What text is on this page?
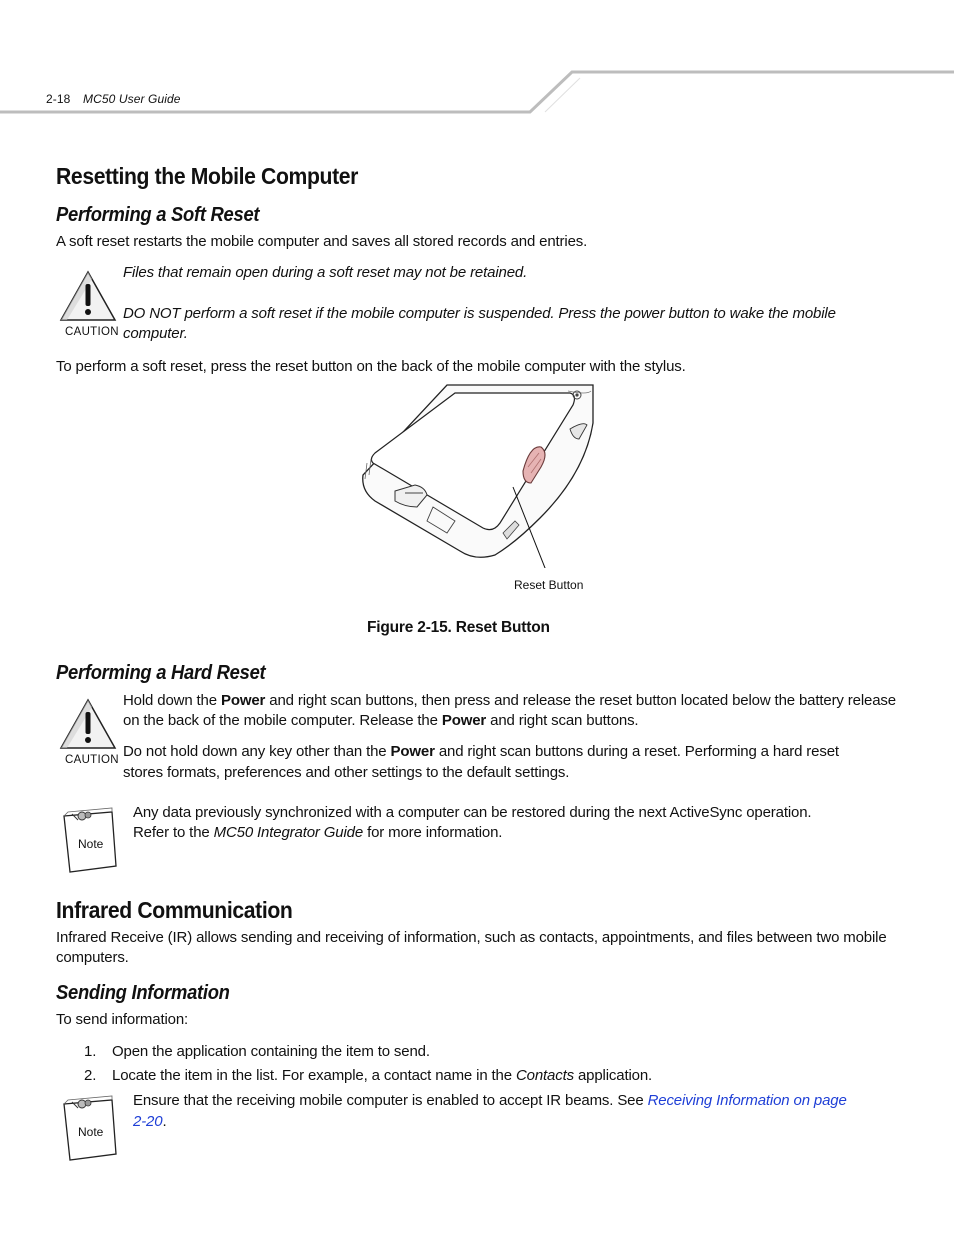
2-18 MC50 User Guide
Resetting the Mobile Computer
Performing a Soft Reset
A soft reset restarts the mobile computer and saves all stored records and entries.
CAUTION
Files that remain open during a soft reset may not be retained.
DO NOT perform a soft reset if the mobile computer is suspended. Press the power button to wake the mobile
computer.
To perform a soft reset, press the reset button on the back of the mobile computer with the stylus.
Reset Button
Figure 2-15. Reset Button
Performing a Hard Reset
CAUTION
Hold down the Power and right scan buttons, then press and release the reset button located below the battery release
on the back of the mobile computer. Release the Power and right scan buttons.
Do not hold down any key other than the Power and right scan buttons during a reset. Performing a hard reset
stores formats, preferences and other settings to the default settings.
Note
Any data previously synchronized with a computer can be restored during the next ActiveSync operation.
Refer to the MC50 Integrator Guide for more information.
Infrared Communication
Infrared Receive (IR) allows sending and receiving of information, such as contacts, appointments, and files between two mobile
computers.
Sending Information
To send information:
1. Open the application containing the item to send.
2. Locate the item in the list. For example, a contact name in the Contacts application.
Note
Ensure that the receiving mobile computer is enabled to accept IR beams. See Receiving Information on page
2-20.
